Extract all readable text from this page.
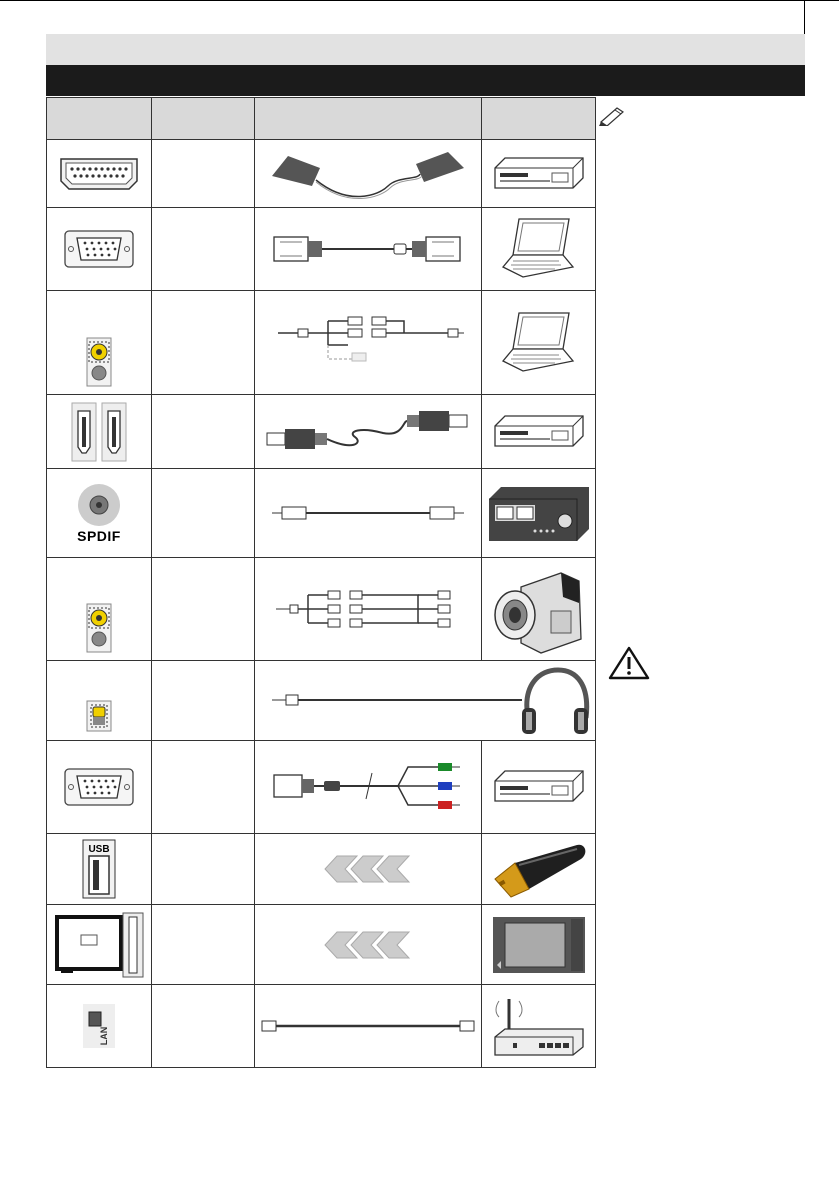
SPDIF

USB

LAN
